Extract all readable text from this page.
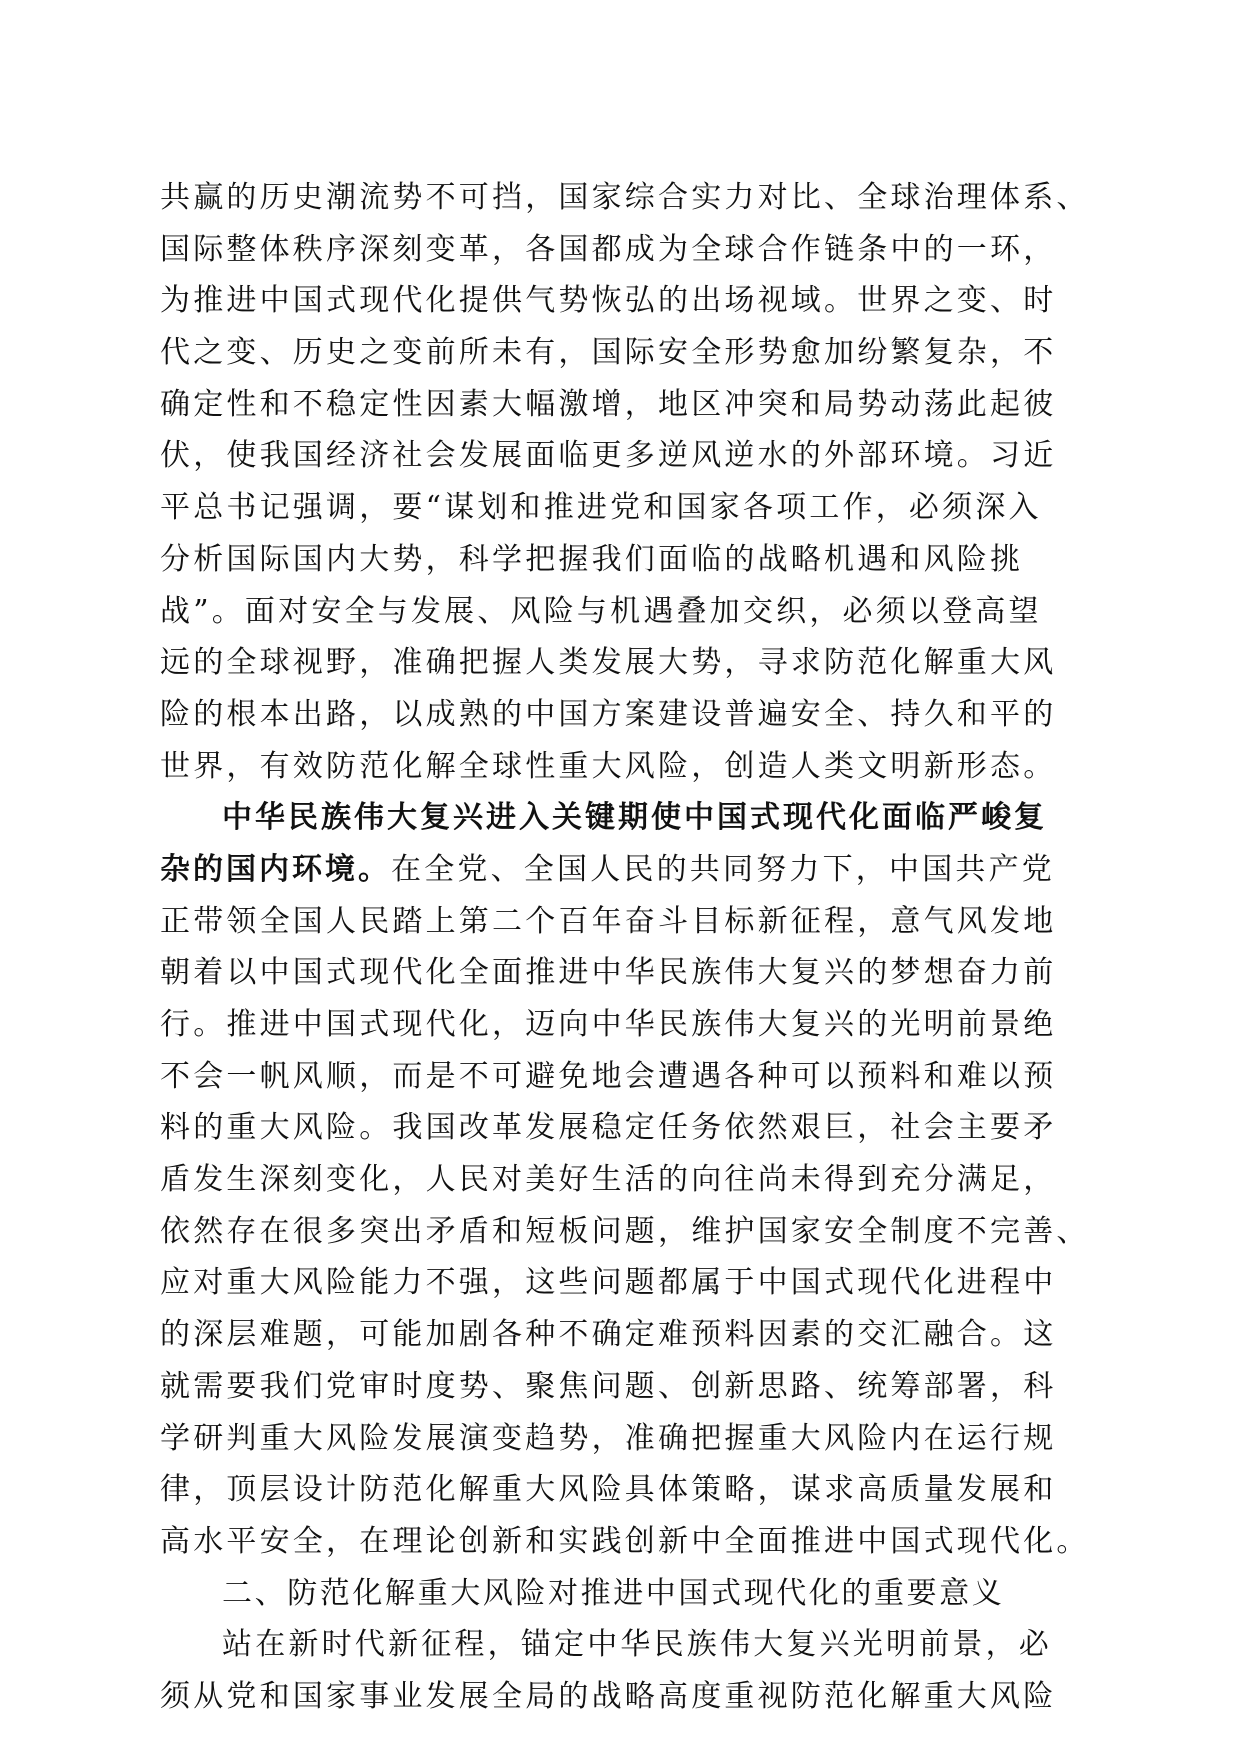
共赢的历史潮流势不可挡，国家综合实力对比、全球治理体系、
国际整体秩序深刻变革，各国都成为全球合作链条中的一环，
为推进中国式现代化提供气势恢弘的出场视域。世界之变、时
代之变、历史之变前所未有，国际安全形势愈加纷繁复杂，不
确定性和不稳定性因素大幅激增，地区冲突和局势动荡此起彼
伏，使我国经济社会发展面临更多逆风逆水的外部环境。习近
平总书记强调，要“谋划和推进党和国家各项工作，必须深入
分析国际国内大势，科学把握我们面临的战略机遇和风险挑
战”。面对安全与发展、风险与机遇叠加交织，必须以登高望
远的全球视野，准确把握人类发展大势，寻求防范化解重大风
险的根本出路，以成熟的中国方案建设普遍安全、持久和平的
世界，有效防范化解全球性重大风险，创造人类文明新形态。
中华民族伟大复兴进入关键期使中国式现代化面临严峻复
杂的国内环境。在全党、全国人民的共同努力下，中国共产党
正带领全国人民踏上第二个百年奋斗目标新征程，意气风发地
朝着以中国式现代化全面推进中华民族伟大复兴的梦想奋力前
行。推进中国式现代化，迈向中华民族伟大复兴的光明前景绝
不会一帆风顺，而是不可避免地会遭遇各种可以预料和难以预
料的重大风险。我国改革发展稳定任务依然艰巨，社会主要矛
盾发生深刻变化，人民对美好生活的向往尚未得到充分满足，
依然存在很多突出矛盾和短板问题，维护国家安全制度不完善、
应对重大风险能力不强，这些问题都属于中国式现代化进程中
的深层难题，可能加剧各种不确定难预料因素的交汇融合。这
就需要我们党审时度势、聚焦问题、创新思路、统筹部署，科
学研判重大风险发展演变趋势，准确把握重大风险内在运行规
律，顶层设计防范化解重大风险具体策略，谋求高质量发展和
高水平安全，在理论创新和实践创新中全面推进中国式现代化。
二、防范化解重大风险对推进中国式现代化的重要意义
站在新时代新征程，锚定中华民族伟大复兴光明前景，必
须从党和国家事业发展全局的战略高度重视防范化解重大风险
